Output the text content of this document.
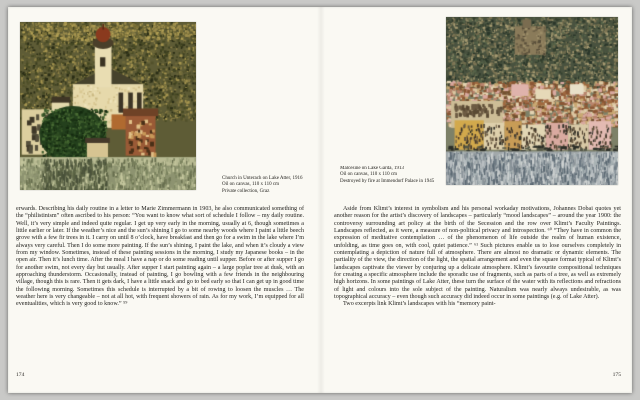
Church in Unterach on Lake Atter, 1916
Oil on canvas, 110 x 110 cm
Private collection, Graz

erwards. Describing his daily routine in a letter to Marie Zimmermann in 1903, he also communicated something of the “philistinism” often ascribed to his person: “You want to know what sort of schedule I follow – my daily routine. Well, it’s very simple and indeed quite regular. I get up very early in the morning, usually at 6, though sometimes a little earlier or later. If the weather’s nice and the sun’s shining I go to some nearby woods where I paint a little beech grove with a few fir trees in it. I carry on until 8 o’clock, have breakfast and then go for a swim in the lake where I’m always very careful. Then I do some more painting. If the sun’s shining, I paint the lake, and when it’s cloudy a view from my window. Sometimes, instead of these painting sessions in the morning, I study my Japanese books – in the open air. Then it’s lunch time. After the meal I have a nap or do some reading until supper. Before or after supper I go for another swim, not every day but usually. After supper I start painting again – a large poplar tree at dusk, with an approaching thunderstorm. Occasionally, instead of painting, I go bowling with a few friends in the neighbouring village, though this is rare. Then it gets dark, I have a little snack and go to bed early so that I can get up in good time the following morning. Sometimes this schedule is interrupted by a bit of rowing to loosen the muscles … The weather here is very changeable – not at all hot, with frequent showers of rain. As for my work, I’m equipped for all eventualities, which is very good to know.” ⁵⁹

174
Malcesine on Lake Garda, 1913
Oil on canvas, 110 x 110 cm
Destroyed by fire at Immendorf Palace in 1945

Aside from Klimt’s interest in symbolism and his personal workaday motivations, Johannes Dobai quotes yet another reason for the artist’s discovery of landscapes – particularly “mood landscapes” – around the year 1900: the controversy surrounding art policy at the birth of the Secession and the row over Klimt’s Faculty Paintings. Landscapes reflected, as it were, a measure of non-political privacy and introspection. ⁶⁰ “They have in common the expression of meditative contemplation … of the phenomenon of life outside the realm of human existence, unfolding, as time goes on, with cool, quiet patience.” ⁶¹ Such pictures enable us to lose ourselves completely in contemplating a depiction of nature full of atmosphere. There are almost no dramatic or dynamic elements. The partiality of the view, the direction of the light, the spatial arrangement and even the square format typical of Klimt’s landscapes captivate the viewer by conjuring up a delicate atmosphere. Klimt’s favourite compositional techniques for creating a specific atmosphere include the sporadic use of fragments, such as parts of a tree, as well as extremely high horizons. In some paintings of Lake Atter, these turn the surface of the water with its reflections and refractions of light and colours into the sole subject of the painting. Naturalism was nearly always undesirable, as was topographical accuracy – even though such accuracy did indeed occur in some paintings (e.g. of Lake Atter).

Two excerpts link Klimt’s landscapes with his “memory paint-

175
